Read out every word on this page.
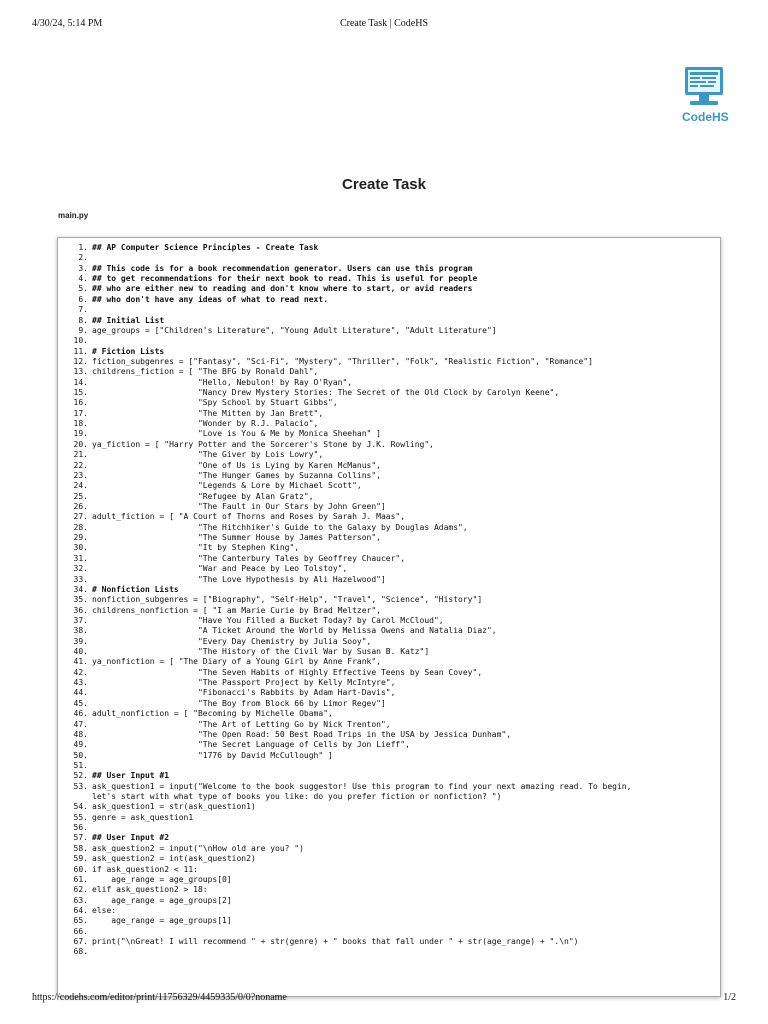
4/30/24, 5:14 PM	Create Task | CodeHS
CodeHS
Create Task
main.py
1. ## AP Computer Science Principles - Create Task
2.
3. ## This code is for a book recommendation generator. Users can use this program
4. ## to get recommendations for their next book to read. This is useful for people
5. ## who are either new to reading and don't know where to start, or avid readers
6. ## who don't have any ideas of what to read next.
7.
8. ## Initial List
9. age_groups = ["Children's Literature", "Young Adult Literature", "Adult Literature"]
10.
11. # Fiction Lists
12. fiction_subgenres = ["Fantasy", "Sci-Fi", "Mystery", "Thriller", "Folk", "Realistic Fiction", "Romance"]
13. childrens_fiction = [ "The BFG by Ronald Dahl",
14. "Hello, Nebulon! by Ray O'Ryan",
15. "Nancy Drew Mystery Stories: The Secret of the Old Clock by Carolyn Keene",
16. "Spy School by Stuart Gibbs",
17. "The Mitten by Jan Brett",
18. "Wonder by R.J. Palacio",
19. "Love is You & Me by Monica Sheehan" ]
20. ya_fiction = [ "Harry Potter and the Sorcerer's Stone by J.K. Rowling",
21. "The Giver by Lois Lowry",
22. "One of Us is Lying by Karen McManus",
23. "The Hunger Games by Suzanna Collins",
24. "Legends & Lore by Michael Scott",
25. "Refugee by Alan Gratz",
26. "The Fault in Our Stars by John Green"]
27. adult_fiction = [ "A Court of Thorns and Roses by Sarah J. Maas",
28. "The Hitchhiker's Guide to the Galaxy by Douglas Adams",
29. "The Summer House by James Patterson",
30. "It by Stephen King",
31. "The Canterbury Tales by Geoffrey Chaucer",
32. "War and Peace by Leo Tolstoy",
33. "The Love Hypothesis by Ali Hazelwood"]
34. # Nonfiction Lists
35. nonfiction_subgenres = ["Biography", "Self-Help", "Travel", "Science", "History"]
36. childrens_nonfiction = [ "I am Marie Curie by Brad Meltzer",
37. "Have You Filled a Bucket Today? by Carol McCloud",
38. "A Ticket Around the World by Melissa Owens and Natalia Diaz",
39. "Every Day Chemistry by Julia Sooy",
40. "The History of the Civil War by Susan B. Katz"]
41. ya_nonfiction = [ "The Diary of a Young Girl by Anne Frank",
42. "The Seven Habits of Highly Effective Teens by Sean Covey",
43. "The Passport Project by Kelly McIntyre",
44. "Fibonacci's Rabbits by Adam Hart-Davis",
45. "The Boy from Block 66 by Limor Regev"]
46. adult_nonfiction = [ "Becoming by Michelle Obama",
47. "The Art of Letting Go by Nick Trenton",
48. "The Open Road: 50 Best Road Trips in the USA by Jessica Dunham",
49. "The Secret Language of Cells by Jon Lieff",
50. "1776 by David McCullough" ]
51.
52. ## User Input #1
53. ask_question1 = input("Welcome to the book suggestor! Use this program to find your next amazing read. To begin,
let's start with what type of books you like: do you prefer fiction or nonfiction? ")
54. ask_question1 = str(ask_question1)
55. genre = ask_question1
56.
57. ## User Input #2
58. ask_question2 = input("\nHow old are you? ")
59. ask_question2 = int(ask_question2)
60. if ask_question2 < 11:
61. age_range = age_groups[0]
62. elif ask_question2 > 18:
63. age_range = age_groups[2]
64. else:
65. age_range = age_groups[1]
66.
67. print("\nGreat! I will recommend " + str(genre) + " books that fall under " + str(age_range) + ".\n")
68.
https://codehs.com/editor/print/11756329/4459335/0/0?noname	1/2
